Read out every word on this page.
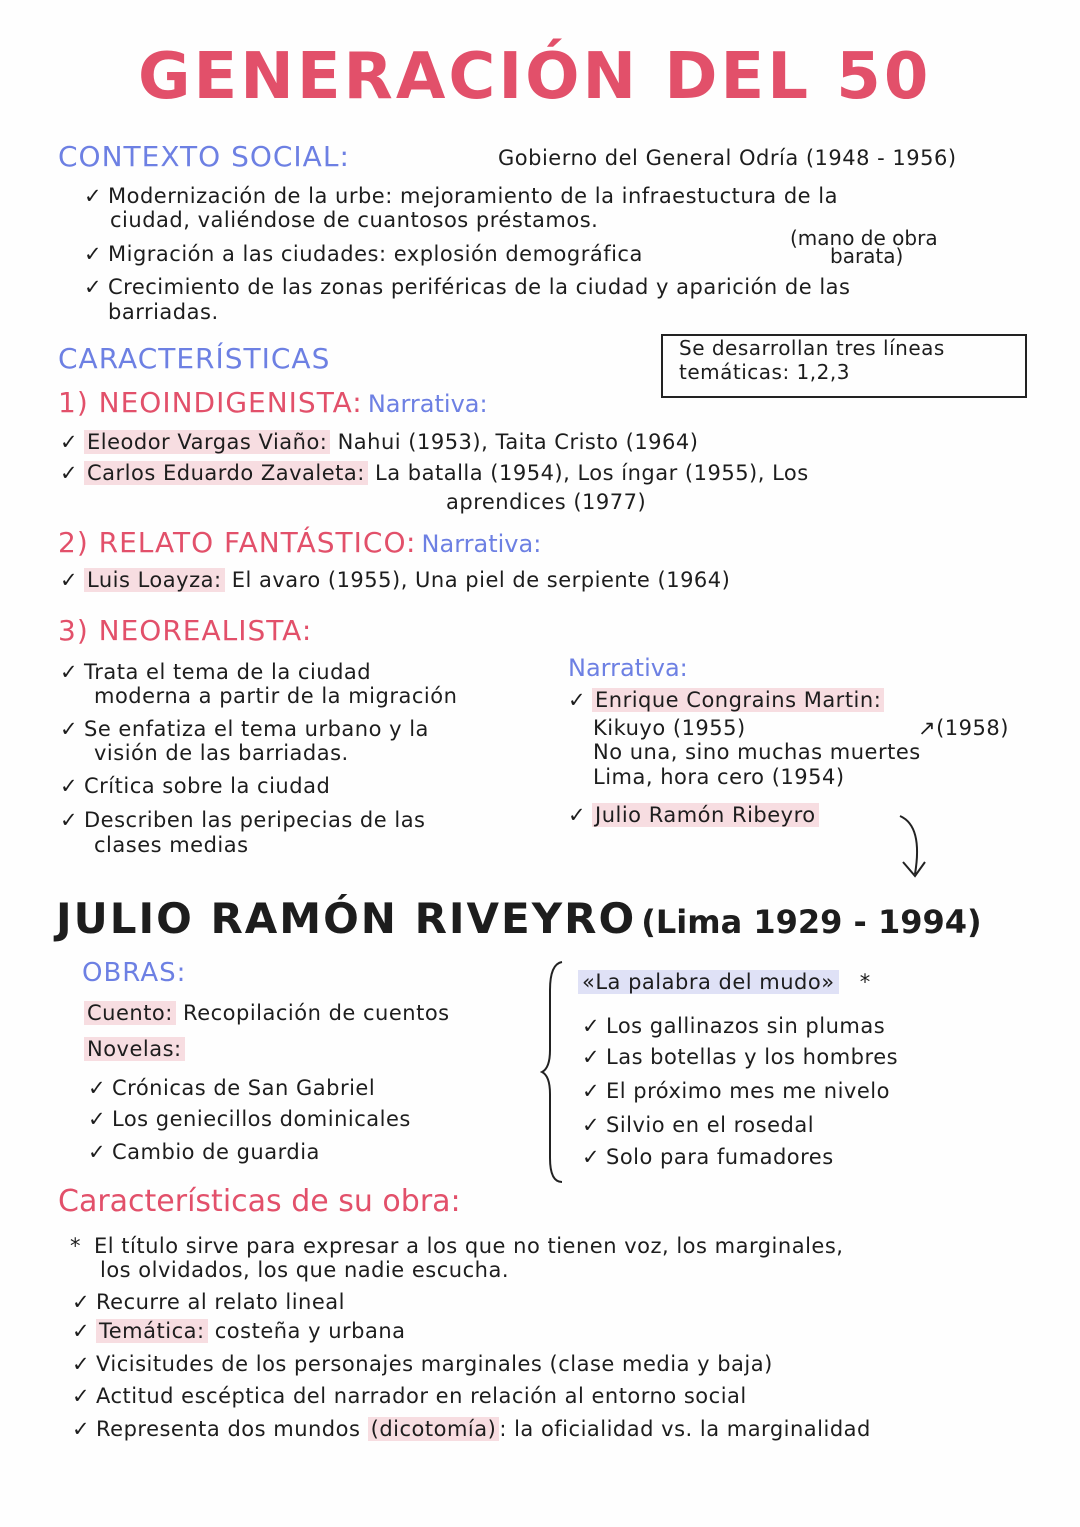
GENERACIÓN DEL 50
CONTEXTO SOCIAL:	Gobierno del General Odría (1948 - 1956)
✓ Modernización de la urbe: mejoramiento de la infraestuctura de la
ciudad, valiéndose de cuantosos préstamos.
✓ Migración a las ciudades: explosión demográfica
(mano de obra
barata)
✓ Crecimiento de las zonas periféricas de la ciudad y aparición de las
barriadas.
CARACTERÍSTICAS	Se desarrollan tres líneas
temáticas: 1,2,3
1) NEOINDIGENISTA: Narrativa:
✓ Eleodor Vargas Viaño: Nahui (1953), Taita Cristo (1964)
✓ Carlos Eduardo Zavaleta: La batalla (1954), Los íngar (1955), Los
aprendices (1977)
2) RELATO FANTÁSTICO: Narrativa:
✓ Luis Loayza: El avaro (1955), Una piel de serpiente (1964)
3) NEOREALISTA:
✓ Trata el tema de la ciudad
moderna a partir de la migración
✓ Se enfatiza el tema urbano y la
visión de las barriadas.
✓ Crítica sobre la ciudad
✓ Describen las peripecias de las
clases medias
Narrativa:
✓ Enrique Congrains Martin:
Kikuyo (1955)	↗(1958)
No una, sino muchas muertes
Lima, hora cero (1954)
✓ Julio Ramón Ribeyro
JULIO RAMÓN RIVEYRO (Lima 1929 - 1994)
OBRAS:
Cuento: Recopilación de cuentos
Novelas:
✓ Crónicas de San Gabriel
✓ Los geniecillos dominicales
✓ Cambio de guardia
«La palabra del mudo» *
✓ Los gallinazos sin plumas
✓ Las botellas y los hombres
✓ El próximo mes me nivelo
✓ Silvio en el rosedal
✓ Solo para fumadores
Características de su obra:
* El título sirve para expresar a los que no tienen voz, los marginales,
los olvidados, los que nadie escucha.
✓ Recurre al relato lineal
✓ Temática: costeña y urbana
✓ Vicisitudes de los personajes marginales (clase media y baja)
✓ Actitud escéptica del narrador en relación al entorno social
✓ Representa dos mundos (dicotomía) : la oficialidad vs. la marginalidad
